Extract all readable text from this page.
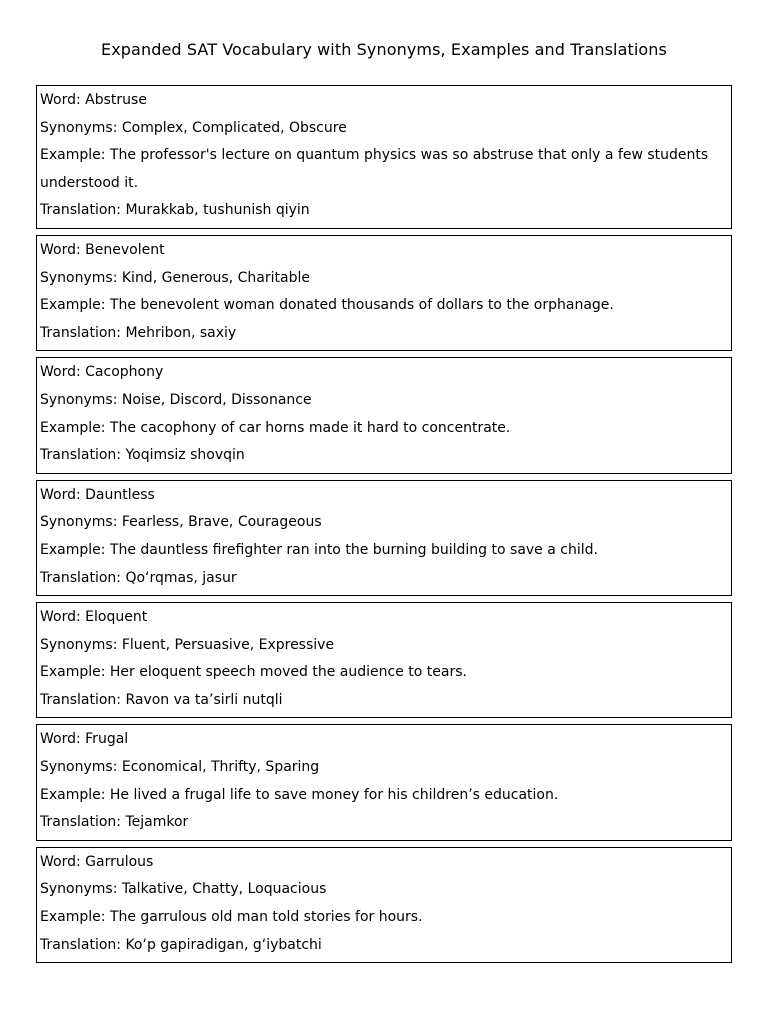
Expanded SAT Vocabulary with Synonyms, Examples and Translations
Word: Abstruse
Synonyms: Complex, Complicated, Obscure
Example: The professor's lecture on quantum physics was so abstruse that only a few students understood it.
Translation: Murakkab, tushunish qiyin
Word: Benevolent
Synonyms: Kind, Generous, Charitable
Example: The benevolent woman donated thousands of dollars to the orphanage.
Translation: Mehribon, saxiy
Word: Cacophony
Synonyms: Noise, Discord, Dissonance
Example: The cacophony of car horns made it hard to concentrate.
Translation: Yoqimsiz shovqin
Word: Dauntless
Synonyms: Fearless, Brave, Courageous
Example: The dauntless firefighter ran into the burning building to save a child.
Translation: Qo‘rqmas, jasur
Word: Eloquent
Synonyms: Fluent, Persuasive, Expressive
Example: Her eloquent speech moved the audience to tears.
Translation: Ravon va ta’sirli nutqli
Word: Frugal
Synonyms: Economical, Thrifty, Sparing
Example: He lived a frugal life to save money for his children’s education.
Translation: Tejamkor
Word: Garrulous
Synonyms: Talkative, Chatty, Loquacious
Example: The garrulous old man told stories for hours.
Translation: Ko‘p gapiradigan, g‘iybatchi
